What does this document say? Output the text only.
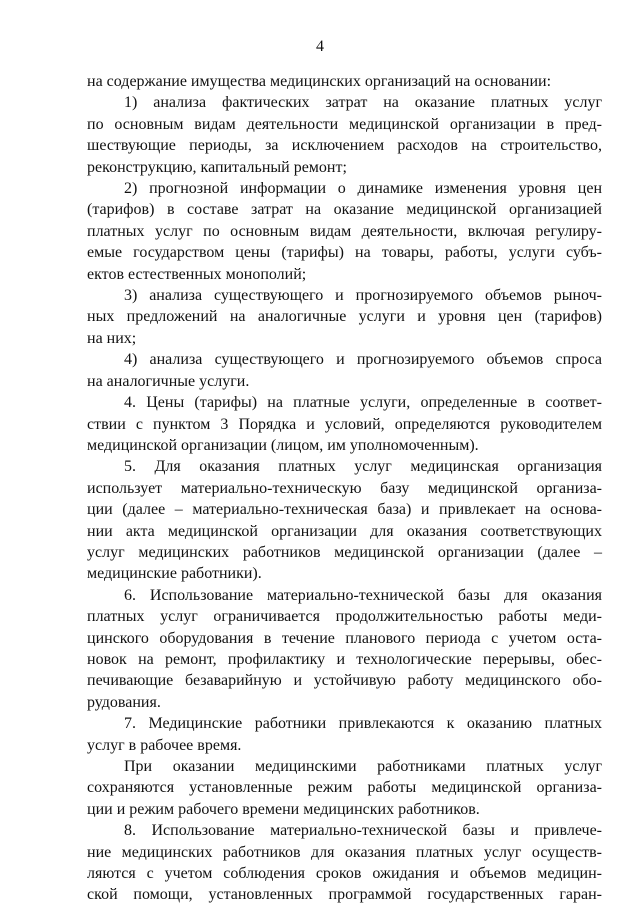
4
на содержание имущества медицинских организаций на основании:
1) анализа фактических затрат на оказание платных услуг
по основным видам деятельности медицинской организации в пред-
шествующие периоды, за исключением расходов на строительство,
реконструкцию, капитальный ремонт;
2) прогнозной информации о динамике изменения уровня цен
(тарифов) в составе затрат на оказание медицинской организацией
платных услуг по основным видам деятельности, включая регулиру-
емые государством цены (тарифы) на товары, работы, услуги субъ-
ектов естественных монополий;
3) анализа существующего и прогнозируемого объемов рыноч-
ных предложений на аналогичные услуги и уровня цен (тарифов)
на них;
4) анализа существующего и прогнозируемого объемов спроса
на аналогичные услуги.
4. Цены (тарифы) на платные услуги, определенные в соответ-
ствии с пунктом 3 Порядка и условий, определяются руководителем
медицинской организации (лицом, им уполномоченным).
5. Для оказания платных услуг медицинская организация
использует материально-техническую базу медицинской организа-
ции (далее – материально-техническая база) и привлекает на основа-
нии акта медицинской организации для оказания соответствующих
услуг медицинских работников медицинской организации (далее –
медицинские работники).
6. Использование материально-технической базы для оказания
платных услуг ограничивается продолжительностью работы меди-
цинского оборудования в течение планового периода с учетом оста-
новок на ремонт, профилактику и технологические перерывы, обес-
печивающие безаварийную и устойчивую работу медицинского обо-
рудования.
7. Медицинские работники привлекаются к оказанию платных
услуг в рабочее время.
При оказании медицинскими работниками платных услуг
сохраняются установленные режим работы медицинской организа-
ции и режим рабочего времени медицинских работников.
8. Использование материально-технической базы и привлече-
ние медицинских работников для оказания платных услуг осуществ-
ляются с учетом соблюдения сроков ожидания и объемов медицин-
ской помощи, установленных программой государственных гаран-
